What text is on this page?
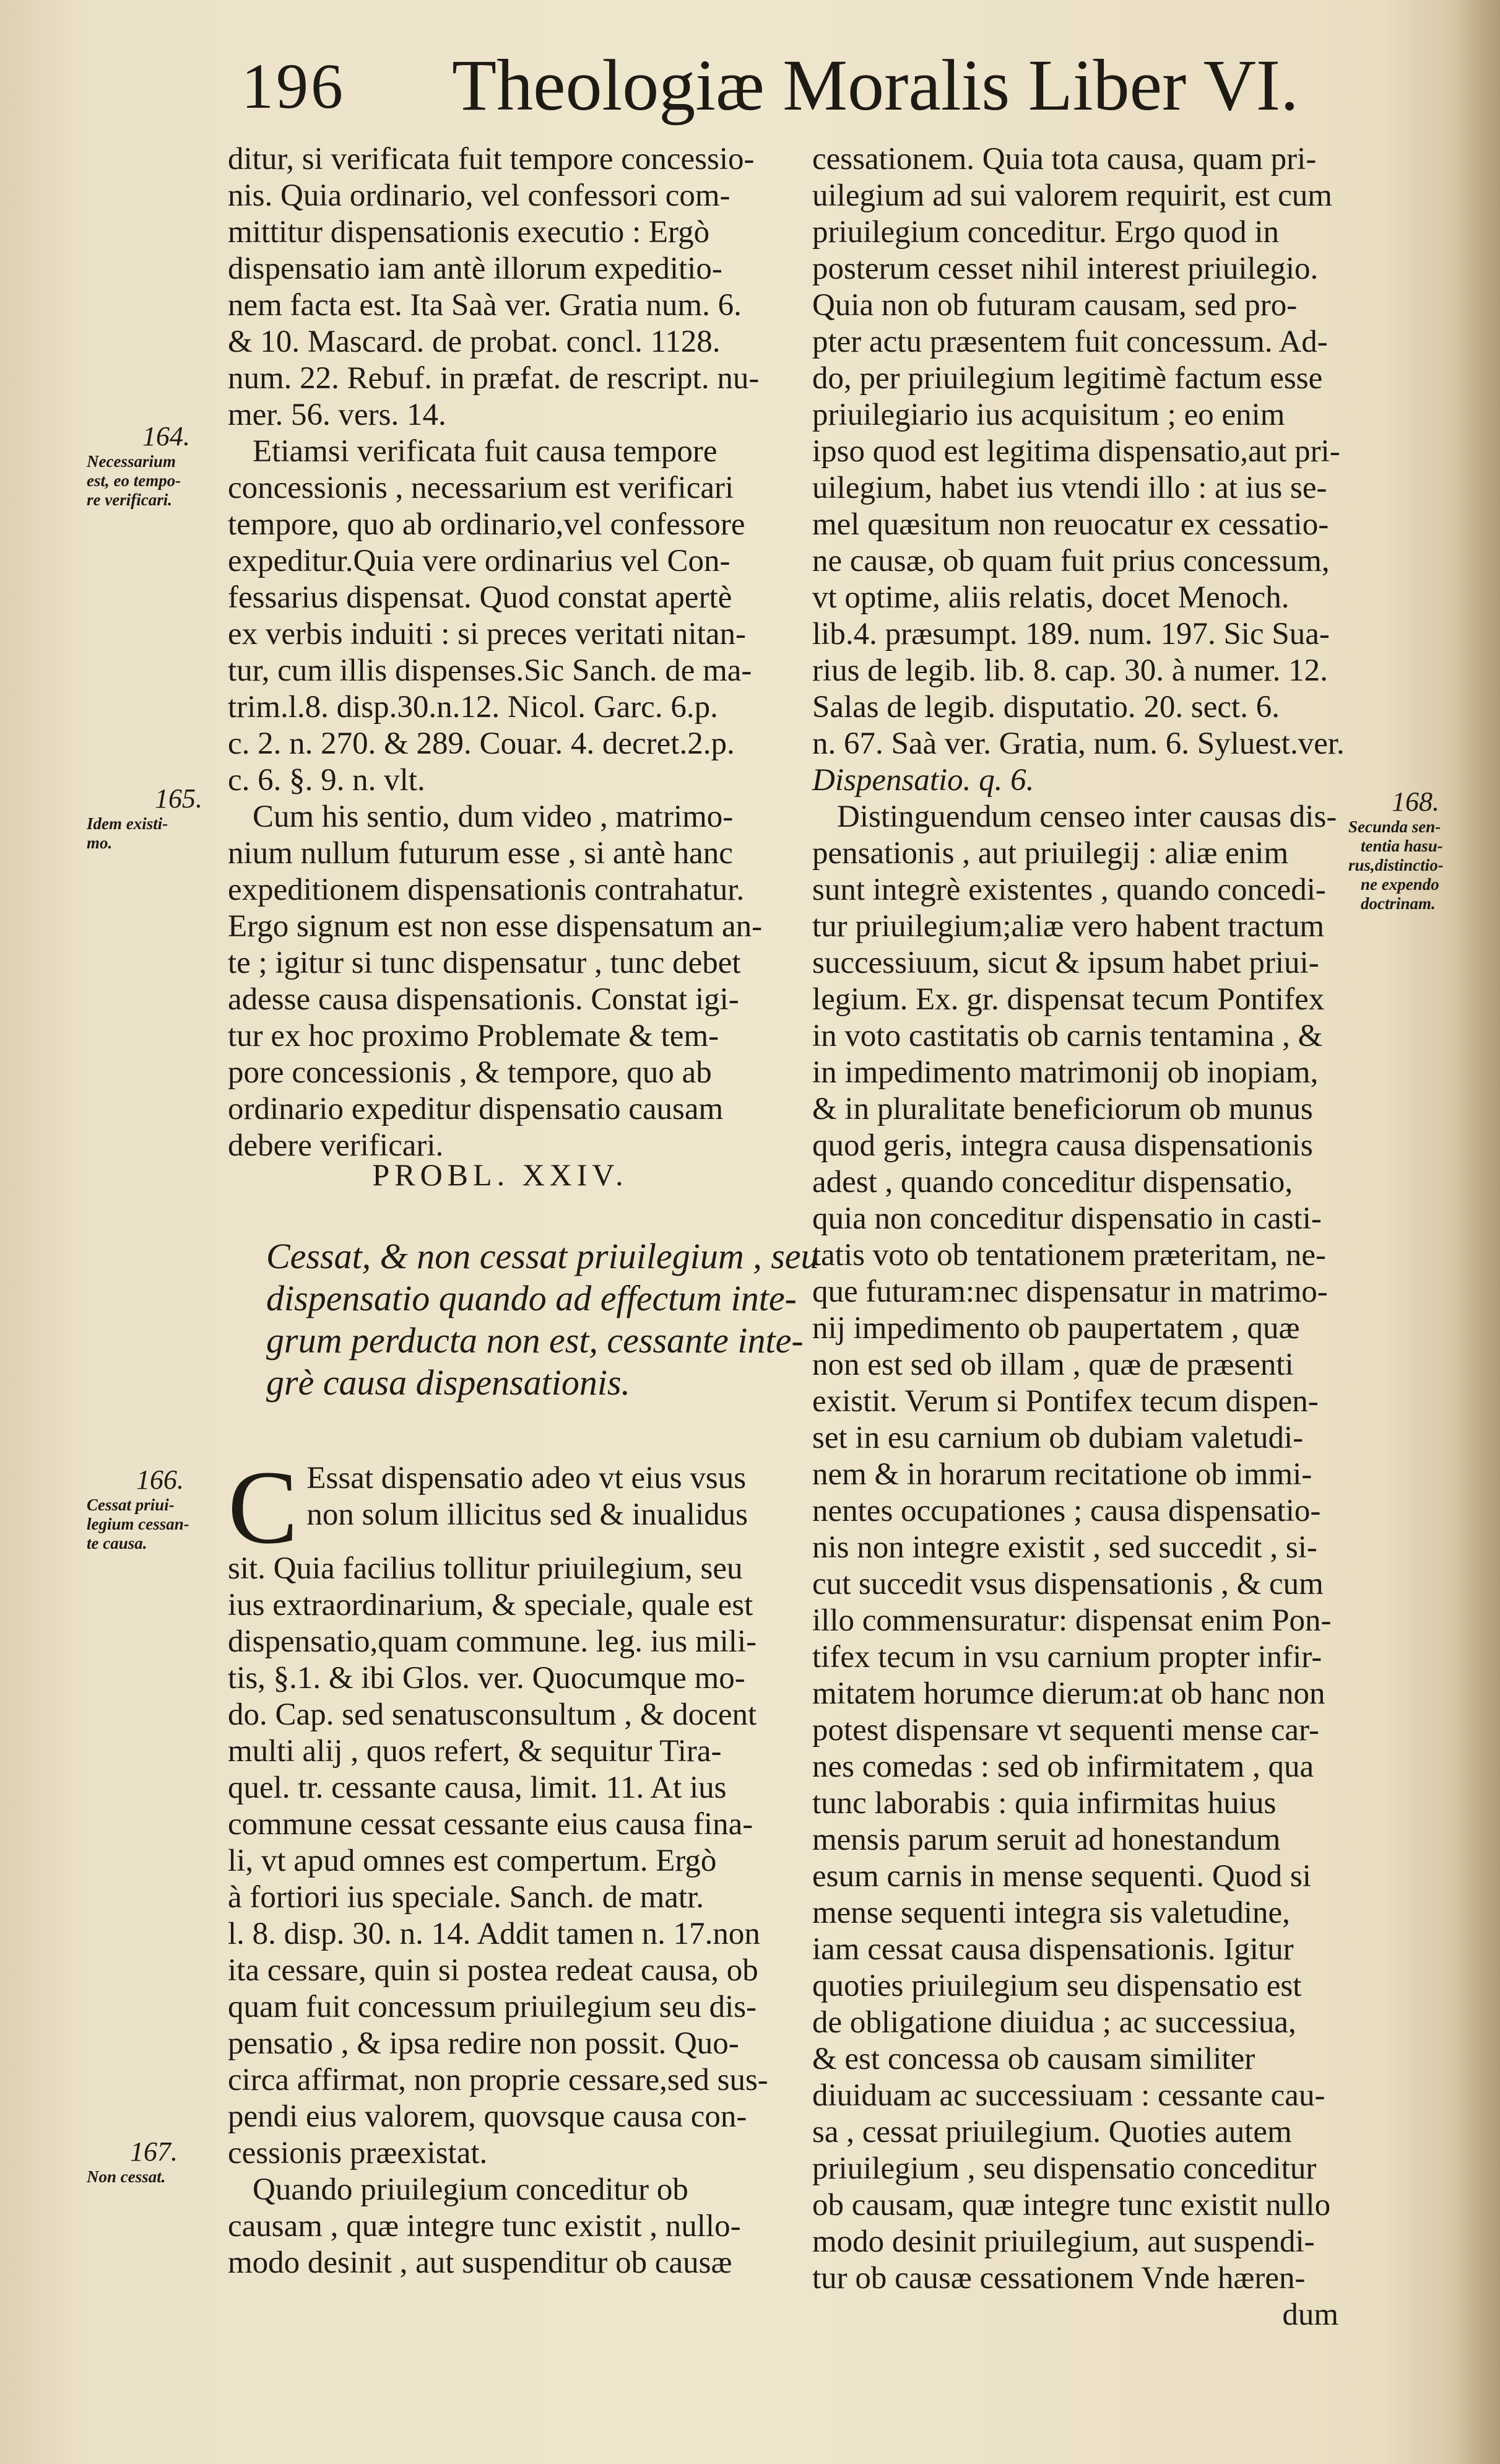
196 Theologiæ Moralis Liber VI.
ditur, si verificata fuit tempore concessio-
nis. Quia ordinario, vel confessori com-
mittitur dispensationis executio : Ergò
dispensatio iam antè illorum expeditio-
nem facta est. Ita Saà ver. Gratia num. 6.
& 10. Mascard. de probat. concl. 1128.
num. 22. Rebuf. in præfat. de rescript. nu-
mer. 56. vers. 14.
Etiamsi verificata fuit causa tempore
concessionis , necessarium est verificari
tempore, quo ab ordinario,vel confessore
expeditur.Quia vere ordinarius vel Con-
fessarius dispensat. Quod constat apertè
ex verbis induiti : si preces veritati nitan-
tur, cum illis dispenses.Sic Sanch. de ma-
trim.l.8. disp.30.n.12. Nicol. Garc. 6.p.
c. 2. n. 270. & 289. Couar. 4. decret.2.p.
c. 6. §. 9. n. vlt.
Cum his sentio, dum video , matrimo-
nium nullum futurum esse , si antè hanc
expeditionem dispensationis contrahatur.
Ergo signum est non esse dispensatum an-
te ; igitur si tunc dispensatur , tunc debet
adesse causa dispensationis. Constat igi-
tur ex hoc proximo Problemate & tem-
pore concessionis , & tempore, quo ab
ordinario expeditur dispensatio causam
debere verificari.
PROBL. XXIV.
Cessat, & non cessat priuilegium , seu
dispensatio quando ad effectum inte-
grum perducta non est, cessante inte-
grè causa dispensationis.
C Essat dispensatio adeo vt eius vsus
non solum illicitus sed & inualidus
sit. Quia facilius tollitur priuilegium, seu
ius extraordinarium, & speciale, quale est
dispensatio,quam commune. leg. ius mili-
tis, §.1. & ibi Glos. ver. Quocumque mo-
do. Cap. sed senatusconsultum , & docent
multi alij , quos refert, & sequitur Tira-
quel. tr. cessante causa, limit. 11. At ius
commune cessat cessante eius causa fina-
li, vt apud omnes est compertum. Ergò
à fortiori ius speciale. Sanch. de matr.
l. 8. disp. 30. n. 14. Addit tamen n. 17.non
ita cessare, quin si postea redeat causa, ob
quam fuit concessum priuilegium seu dis-
pensatio , & ipsa redire non possit. Quo-
circa affirmat, non proprie cessare,sed sus-
pendi eius valorem, quovsque causa con-
cessionis præexistat.
Quando priuilegium conceditur ob
causam , quæ integre tunc existit , nullo-
modo desinit , aut suspenditur ob causæ
cessationem. Quia tota causa, quam pri-
uilegium ad sui valorem requirit, est cum
priuilegium conceditur. Ergo quod in
posterum cesset nihil interest priuilegio.
Quia non ob futuram causam, sed pro-
pter actu præsentem fuit concessum. Ad-
do, per priuilegium legitimè factum esse
priuilegiario ius acquisitum ; eo enim
ipso quod est legitima dispensatio,aut pri-
uilegium, habet ius vtendi illo : at ius se-
mel quæsitum non reuocatur ex cessatio-
ne causæ, ob quam fuit prius concessum,
vt optime, aliis relatis, docet Menoch.
lib.4. præsumpt. 189. num. 197. Sic Sua-
rius de legib. lib. 8. cap. 30. à numer. 12.
Salas de legib. disputatio. 20. sect. 6.
n. 67. Saà ver. Gratia, num. 6. Syluest.ver.
Dispensatio. q. 6.
Distinguendum censeo inter causas dis-
pensationis , aut priuilegij : aliæ enim
sunt integrè existentes , quando concedi-
tur priuilegium;aliæ vero habent tractum
successiuum, sicut & ipsum habet priui-
legium. Ex. gr. dispensat tecum Pontifex
in voto castitatis ob carnis tentamina , &
in impedimento matrimonij ob inopiam,
& in pluralitate beneficiorum ob munus
quod geris, integra causa dispensationis
adest , quando conceditur dispensatio,
quia non conceditur dispensatio in casti-
tatis voto ob tentationem præteritam, ne-
que futuram:nec dispensatur in matrimo-
nij impedimento ob paupertatem , quæ
non est sed ob illam , quæ de præsenti
existit. Verum si Pontifex tecum dispen-
set in esu carnium ob dubiam valetudi-
nem & in horarum recitatione ob immi-
nentes occupationes ; causa dispensatio-
nis non integre existit , sed succedit , si-
cut succedit vsus dispensationis , & cum
illo commensuratur: dispensat enim Pon-
tifex tecum in vsu carnium propter infir-
mitatem horumce dierum:at ob hanc non
potest dispensare vt sequenti mense car-
nes comedas : sed ob infirmitatem , qua
tunc laborabis : quia infirmitas huius
mensis parum seruit ad honestandum
esum carnis in mense sequenti. Quod si
mense sequenti integra sis valetudine,
iam cessat causa dispensationis. Igitur
quoties priuilegium seu dispensatio est
de obligatione diuidua ; ac successiua,
& est concessa ob causam similiter
diuiduam ac successiuam : cessante cau-
sa , cessat priuilegium. Quoties autem
priuilegium , seu dispensatio conceditur
ob causam, quæ integre tunc existit nullo
modo desinit priuilegium, aut suspendi-
tur ob causæ cessationem Vnde hæren-
dum
164.
Necessarium
est, eo tempo-
re verificari.
165.
Idem existi-
mo.
166.
Cessat priui-
legium cessan-
te causa.
167.
Non cessat.
168.
Secunda sen-
tentia hasu-
rus,distinctio-
ne expendo
doctrinam.
